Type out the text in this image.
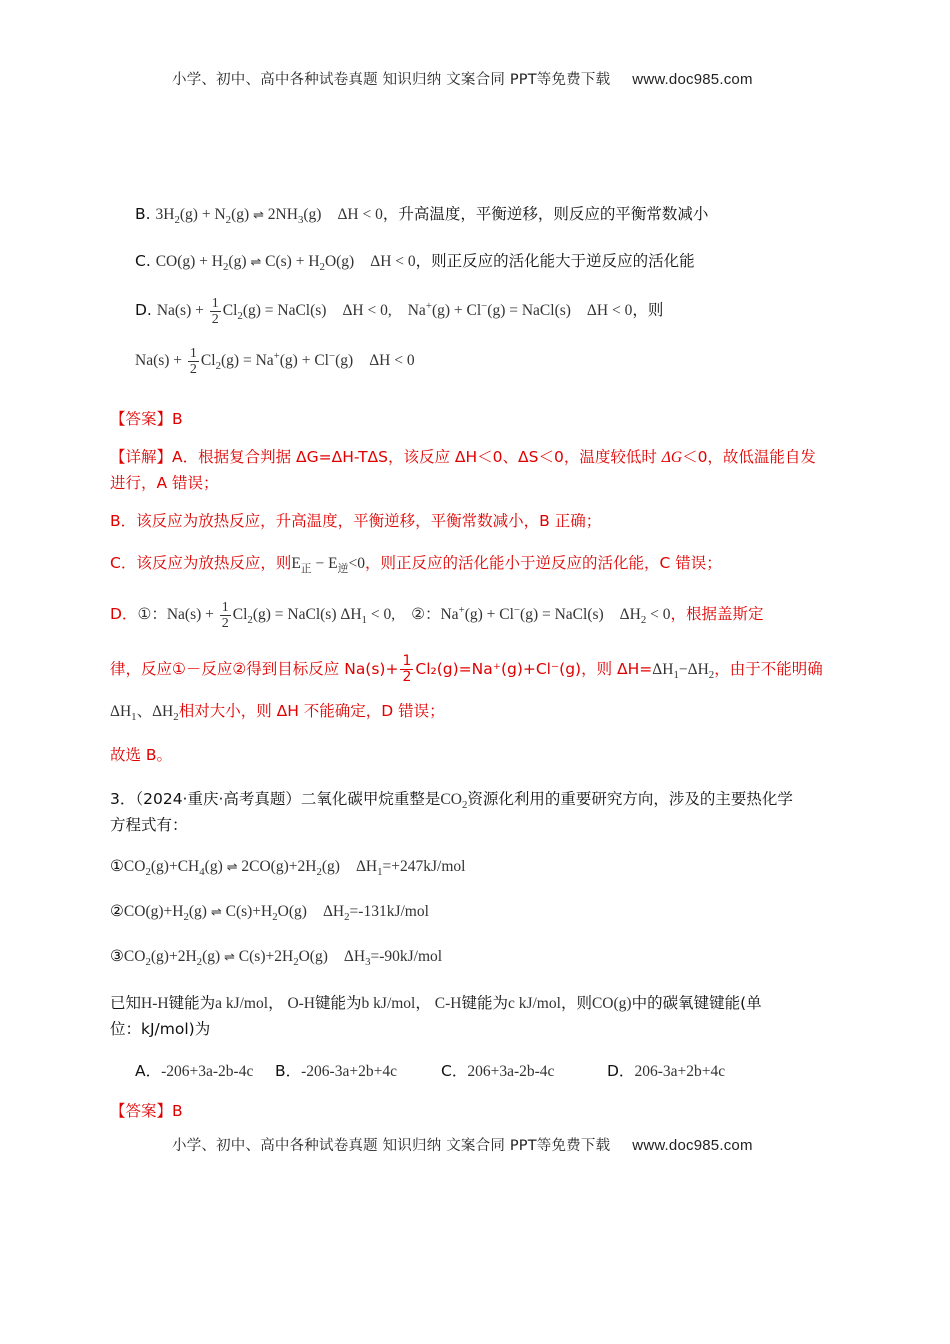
小学、初中、高中各种试卷真题 知识归纳 文案合同 PPT等免费下载 www.doc985.com
B. $3H_2(g) + N_2(g)$ ⇌ $2NH_3(g) \Delta H < 0$，升高温度，平衡逆移，则反应的平衡常数减小
C. $CO(g) + H_2(g)$ ⇌ $C(s) + H_2O(g) \Delta H < 0$，则正反应的活化能大于逆反应的活化能
D. $Na(s) + \frac{1}{2} Cl_2(g)$ = NaCl(s) ΔH < 0, Na+(g) + Cl−(g) = NaCl(s) ΔH < 0，则
$Na(s) + \frac{1}{2} Cl_2(g) = Na^+(g) + Cl^-(g) \Delta H < 0$
【答案】B
【详解】A．根据复合判据 ΔG=ΔH-TΔS，该反应 ΔH＜0、ΔS＜0，温度较低时 ΔG＜0，故低温能自发
进行，A 错误；
B．该反应为放热反应，升高温度，平衡逆移，平衡常数减小，B 正确；
C．该反应为放热反应，则$E_正 - E_逆<0$，则正反应的活化能小于逆反应的活化能，C 错误；
D．①：$Na(s) + \frac{1}{2} Cl_2(g)$ = NaCl(s) $\Delta H_1 < 0$, ②：Na+(g) + Cl−(g) = NaCl(s) $\Delta H_2 < 0$，根据盖斯定
律，反应①－反应②得到目标反应 $Na(s)+ \frac{1}{2} Cl_2(g)=Na^+(g)+Cl^-(g)$，则 $\Delta H=\Delta H_1-\Delta H_2$，由于不能明确
$\Delta H_1$、$\Delta H_2$相对大小，则 ΔH 不能确定，D 错误；
故选 B。
3．（2024·重庆·高考真题）二氧化碳甲烷重整是$CO_2$资源化利用的重要研究方向，涉及的主要热化学
方程式有：
$①CO_2(g)+CH_4(g)$ ⇌ $2CO(g)+2H_2(g)$ $\Delta H_1=+247kJ$/mol
$②CO(g)+H_2(g)$ ⇌ $C(s)+H_2O(g)$ $\Delta H_2=-131kJ$/mol
$③CO_2(g)+2H_2(g)$ ⇌ $C(s)+2H_2O(g)$ $\Delta H_3=-90kJ$/mol
已知H-H键能为a kJ/mol， O-H键能为b kJ/mol， C-H键能为c kJ/mol，则CO(g)中的碳氧键键能(单
位：kJ/mol)为
A．-206+3a-2b-4c B．-206-3a+2b+4c	C．206+3a-2b-4c	D．206-3a+2b+4c
【答案】B
小学、初中、高中各种试卷真题 知识归纳 文案合同 PPT等免费下载 www.doc985.com
